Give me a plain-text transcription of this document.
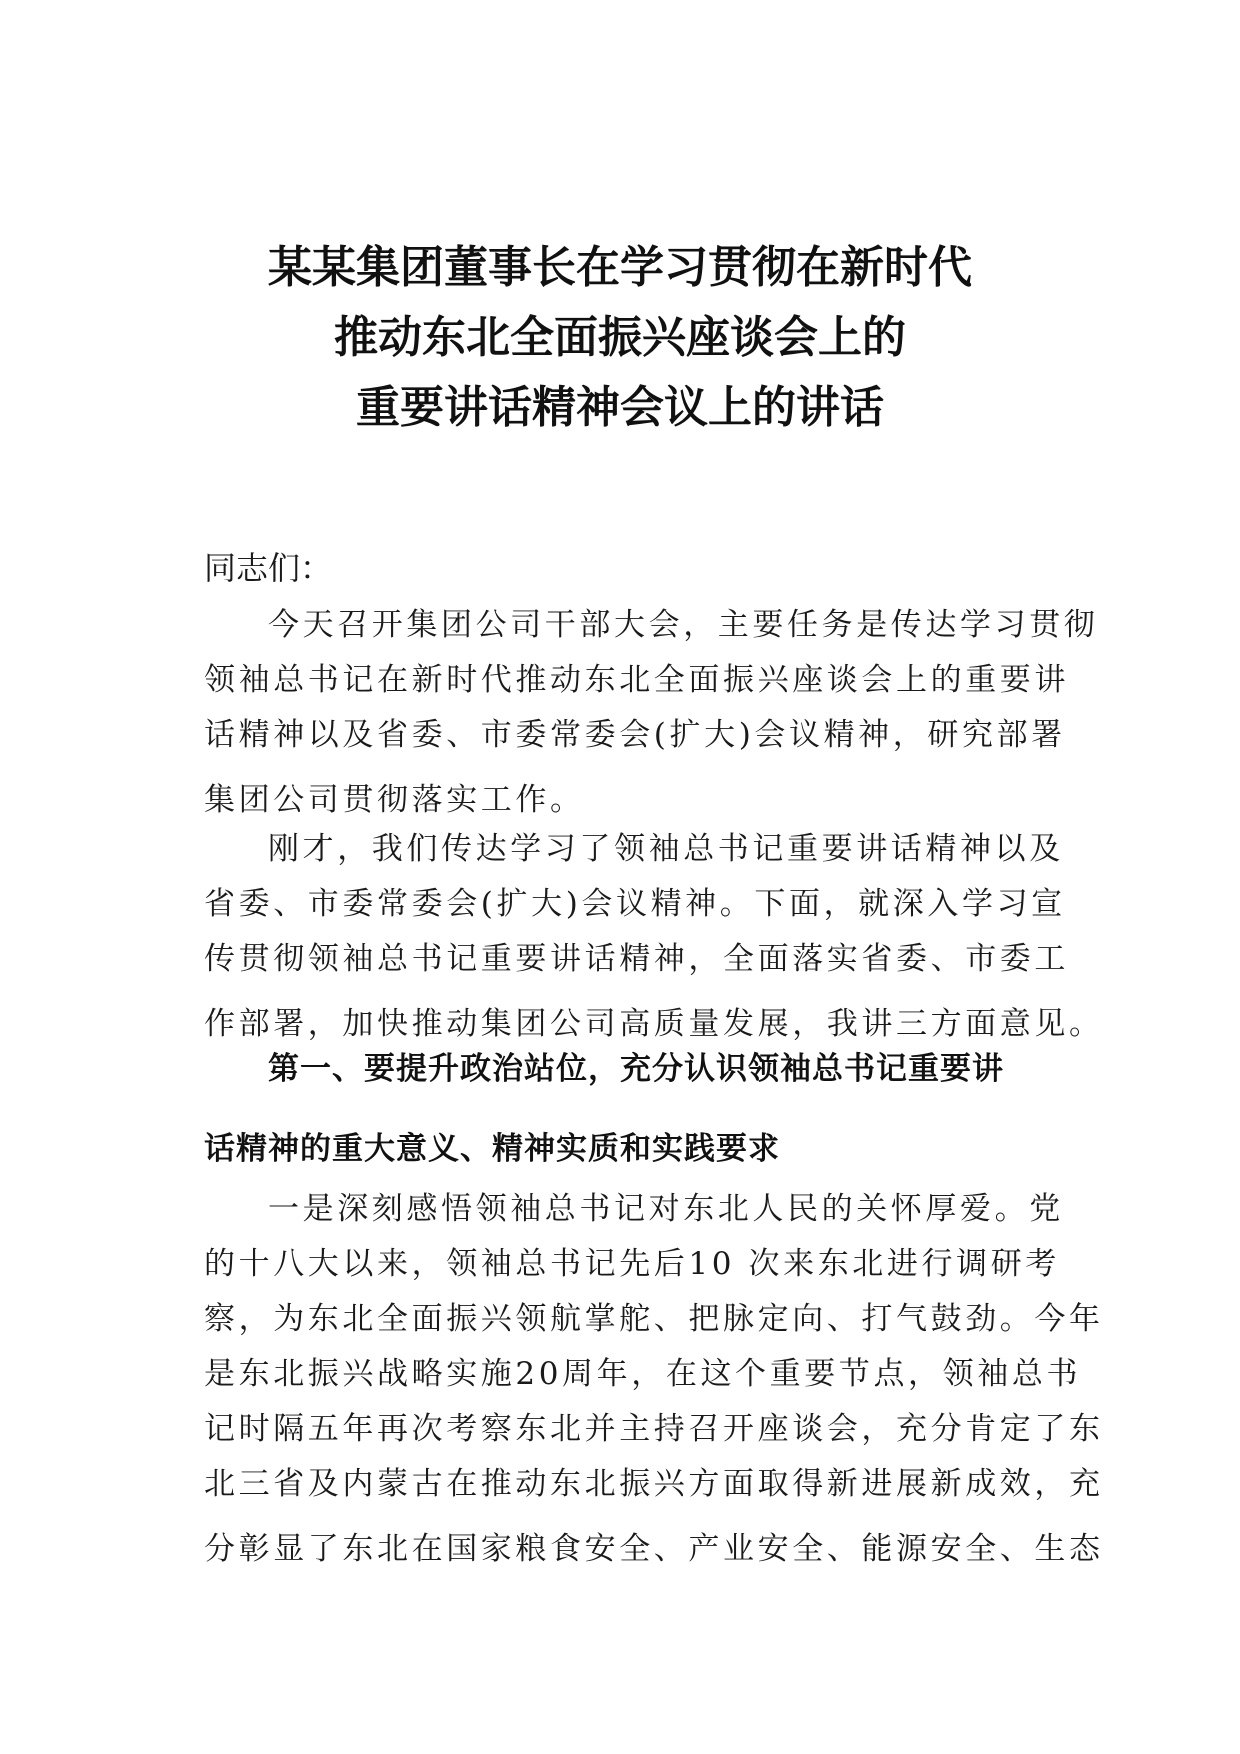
某某集团董事长在学习贯彻在新时代
推动东北全面振兴座谈会上的
重要讲话精神会议上的讲话
同志们：
今天召开集团公司干部大会，主要任务是传达学习贯彻
领袖总书记在新时代推动东北全面振兴座谈会上的重要讲
话精神以及省委、市委常委会(扩大)会议精神，研究部署
集团公司贯彻落实工作。
刚才，我们传达学习了领袖总书记重要讲话精神以及
省委、市委常委会(扩大)会议精神。下面，就深入学习宣
传贯彻领袖总书记重要讲话精神，全面落实省委、市委工
作部署，加快推动集团公司高质量发展，我讲三方面意见。
第一、要提升政治站位，充分认识领袖总书记重要讲
话精神的重大意义、精神实质和实践要求
一是深刻感悟领袖总书记对东北人民的关怀厚爱。党
的十八大以来，领袖总书记先后10 次来东北进行调研考
察，为东北全面振兴领航掌舵、把脉定向、打气鼓劲。今年
是东北振兴战略实施20周年，在这个重要节点，领袖总书
记时隔五年再次考察东北并主持召开座谈会，充分肯定了东
北三省及内蒙古在推动东北振兴方面取得新进展新成效，充
分彰显了东北在国家粮食安全、产业安全、能源安全、生态
